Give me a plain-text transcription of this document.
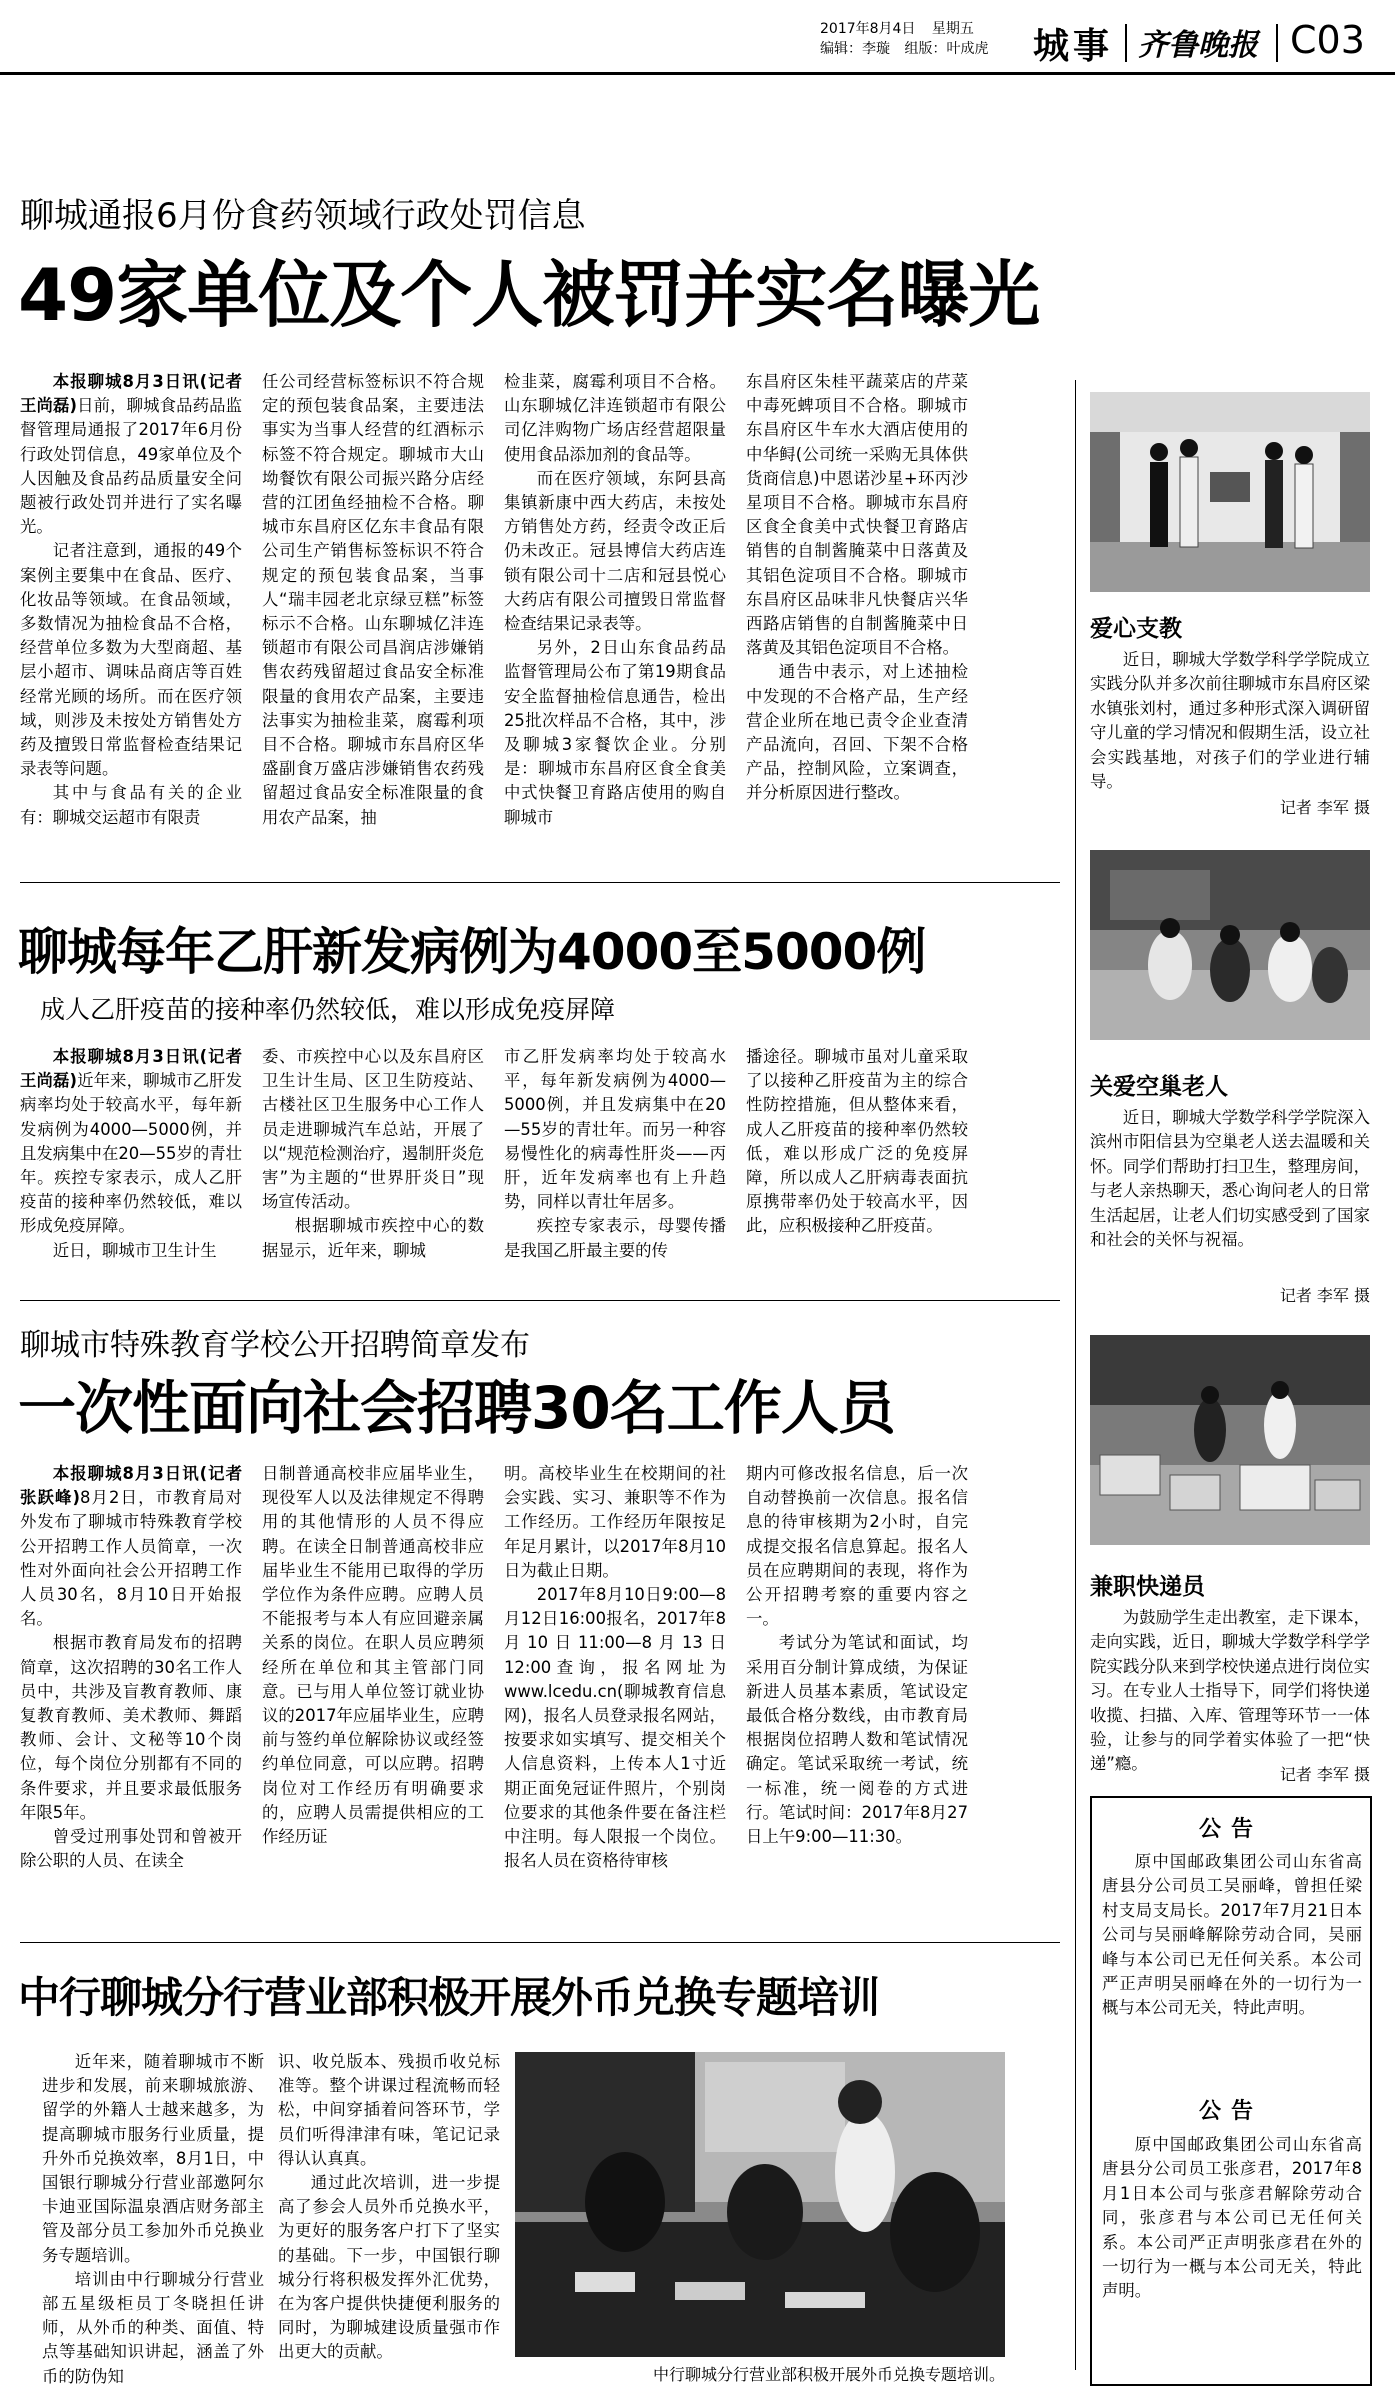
2017年8月4日 星期五
编辑：李璇 组版：叶成虎 城事 齐鲁晚报 C03
聊城通报6月份食药领域行政处罚信息
49家单位及个人被罚并实名曝光

本报聊城8月3日讯(记者 王尚磊)日前，聊城食品药品监督管理局通报了2017年6月份行政处罚信息，49家单位及个人因触及食品药品质量安全问题被行政处罚并进行了实名曝光。

记者注意到，通报的49个案例主要集中在食品、医疗、化妆品等领域。在食品领域，多数情况为抽检食品不合格，经营单位多数为大型商超、基层小超市、调味品商店等百姓经常光顾的场所。而在医疗领域，则涉及未按处方销售处方药及擅毁日常监督检查结果记录表等问题。

其中与食品有关的企业有：聊城交运超市有限责

任公司经营标签标识不符合规定的预包装食品案，主要违法事实为当事人经营的红酒标示标签不符合规定。聊城市大山坳餐饮有限公司振兴路分店经营的江团鱼经抽检不合格。聊城市东昌府区亿东丰食品有限公司生产销售标签标识不符合规定的预包装食品案，当事人“瑞丰园老北京绿豆糕”标签标示不合格。山东聊城亿沣连锁超市有限公司昌润店涉嫌销售农药残留超过食品安全标准限量的食用农产品案，主要违法事实为抽检韭菜，腐霉利项目不合格。聊城市东昌府区华盛副食万盛店涉嫌销售农药残留超过食品安全标准限量的食用农产品案，抽

检韭菜，腐霉利项目不合格。山东聊城亿沣连锁超市有限公司亿沣购物广场店经营超限量使用食品添加剂的食品等。

而在医疗领域，东阿县高集镇新康中西大药店，未按处方销售处方药，经责令改正后仍未改正。冠县博信大药店连锁有限公司十二店和冠县悦心大药店有限公司擅毁日常监督检查结果记录表等。

另外，2日山东食品药品监督管理局公布了第19期食品安全监督抽检信息通告，检出25批次样品不合格，其中，涉及聊城3家餐饮企业。分别是：聊城市东昌府区食全食美中式快餐卫育路店使用的购自聊城市

东昌府区朱桂平蔬菜店的芹菜中毒死蜱项目不合格。聊城市东昌府区牛车水大酒店使用的中华鲟(公司统一采购无具体供货商信息)中恩诺沙星+环丙沙星项目不合格。聊城市东昌府区食全食美中式快餐卫育路店销售的自制酱腌菜中日落黄及其铝色淀项目不合格。聊城市东昌府区品味非凡快餐店兴华西路店销售的自制酱腌菜中日落黄及其铝色淀项目不合格。

通告中表示，对上述抽检中发现的不合格产品，生产经营企业所在地已责令企业查清产品流向，召回、下架不合格产品，控制风险，立案调查，并分析原因进行整改。

聊城每年乙肝新发病例为4000至5000例
成人乙肝疫苗的接种率仍然较低，难以形成免疫屏障

本报聊城8月3日讯(记者 王尚磊)近年来，聊城市乙肝发病率均处于较高水平，每年新发病例为4000—5000例，并且发病集中在20—55岁的青壮年。疾控专家表示，成人乙肝疫苗的接种率仍然较低，难以形成免疫屏障。

近日，聊城市卫生计生

委、市疾控中心以及东昌府区卫生计生局、区卫生防疫站、古楼社区卫生服务中心工作人员走进聊城汽车总站，开展了以“规范检测治疗，遏制肝炎危害”为主题的“世界肝炎日”现场宣传活动。

根据聊城市疾控中心的数据显示，近年来，聊城

市乙肝发病率均处于较高水平，每年新发病例为4000—5000例，并且发病集中在20—55岁的青壮年。而另一种容易慢性化的病毒性肝炎——丙肝，近年发病率也有上升趋势，同样以青壮年居多。

疾控专家表示，母婴传播是我国乙肝最主要的传

播途径。聊城市虽对儿童采取了以接种乙肝疫苗为主的综合性防控措施，但从整体来看，成人乙肝疫苗的接种率仍然较低，难以形成广泛的免疫屏障，所以成人乙肝病毒表面抗原携带率仍处于较高水平，因此，应积极接种乙肝疫苗。

聊城市特殊教育学校公开招聘简章发布
一次性面向社会招聘30名工作人员

本报聊城8月3日讯(记者 张跃峰)8月2日，市教育局对外发布了聊城市特殊教育学校公开招聘工作人员简章，一次性对外面向社会公开招聘工作人员30名，8月10日开始报名。

根据市教育局发布的招聘简章，这次招聘的30名工作人员中，共涉及盲教育教师、康复教育教师、美术教师、舞蹈教师、会计、文秘等10个岗位，每个岗位分别都有不同的条件要求，并且要求最低服务年限5年。

曾受过刑事处罚和曾被开除公职的人员、在读全

日制普通高校非应届毕业生，现役军人以及法律规定不得聘用的其他情形的人员不得应聘。在读全日制普通高校非应届毕业生不能用已取得的学历学位作为条件应聘。应聘人员不能报考与本人有应回避亲属关系的岗位。在职人员应聘须经所在单位和其主管部门同意。已与用人单位签订就业协议的2017年应届毕业生，应聘前与签约单位解除协议或经签约单位同意，可以应聘。招聘岗位对工作经历有明确要求的，应聘人员需提供相应的工作经历证

明。高校毕业生在校期间的社会实践、实习、兼职等不作为工作经历。工作经历年限按足年足月累计，以2017年8月10日为截止日期。

2017年8月10日9:00—8月12日16:00报名，2017年8月10日11:00—8月13日12:00查询，报名网址为www.lcedu.cn(聊城教育信息网)，报名人员登录报名网站，按要求如实填写、提交相关个人信息资料，上传本人1寸近期正面免冠证件照片，个别岗位要求的其他条件要在备注栏中注明。每人限报一个岗位。报名人员在资格待审核

期内可修改报名信息，后一次自动替换前一次信息。报名信息的待审核期为2小时，自完成提交报名信息算起。报名人员在应聘期间的表现，将作为公开招聘考察的重要内容之一。

考试分为笔试和面试，均采用百分制计算成绩，为保证新进人员基本素质，笔试设定最低合格分数线，由市教育局根据岗位招聘人数和笔试情况确定。笔试采取统一考试，统一标准，统一阅卷的方式进行。笔试时间：2017年8月27日上午9:00—11:30。

中行聊城分行营业部积极开展外币兑换专题培训

近年来，随着聊城市不断进步和发展，前来聊城旅游、留学的外籍人士越来越多，为提高聊城市服务行业质量，提升外币兑换效率，8月1日，中国银行聊城分行营业部邀阿尔卡迪亚国际温泉酒店财务部主管及部分员工参加外币兑换业务专题培训。

培训由中行聊城分行营业部五星级柜员丁冬晓担任讲师，从外币的种类、面值、特点等基础知识讲起，涵盖了外币的防伪知

识、收兑版本、残损币收兑标准等。整个讲课过程流畅而轻松，中间穿插着问答环节，学员们听得津津有味，笔记记录得认认真真。

通过此次培训，进一步提高了参会人员外币兑换水平，为更好的服务客户打下了坚实的基础。下一步，中国银行聊城分行将积极发挥外汇优势，在为客户提供快捷便利服务的同时，为聊城建设质量强市作出更大的贡献。

中行聊城分行营业部积极开展外币兑换专题培训。
爱心支教

近日，聊城大学数学科学学院成立实践分队并多次前往聊城市东昌府区梁水镇张刘村，通过多种形式深入调研留守儿童的学习情况和假期生活，设立社会实践基地，对孩子们的学业进行辅导。

记者 李军 摄
关爱空巢老人

近日，聊城大学数学科学学院深入滨州市阳信县为空巢老人送去温暖和关怀。同学们帮助打扫卫生，整理房间，与老人亲热聊天，悉心询问老人的日常生活起居，让老人们切实感受到了国家和社会的关怀与祝福。

记者 李军 摄
兼职快递员

为鼓励学生走出教室，走下课本，走向实践，近日，聊城大学数学科学学院实践分队来到学校快递点进行岗位实习。在专业人士指导下，同学们将快递收揽、扫描、入库、管理等环节一一体验，让参与的同学着实体验了一把“快递”瘾。

记者 李军 摄
公告

原中国邮政集团公司山东省高唐县分公司员工吴丽峰，曾担任梁村支局支局长。2017年7月21日本公司与吴丽峰解除劳动合同，吴丽峰与本公司已无任何关系。本公司严正声明吴丽峰在外的一切行为一概与本公司无关，特此声明。

公告

原中国邮政集团公司山东省高唐县分公司员工张彦君，2017年8月1日本公司与张彦君解除劳动合同，张彦君与本公司已无任何关系。本公司严正声明张彦君在外的一切行为一概与本公司无关，特此声明。
